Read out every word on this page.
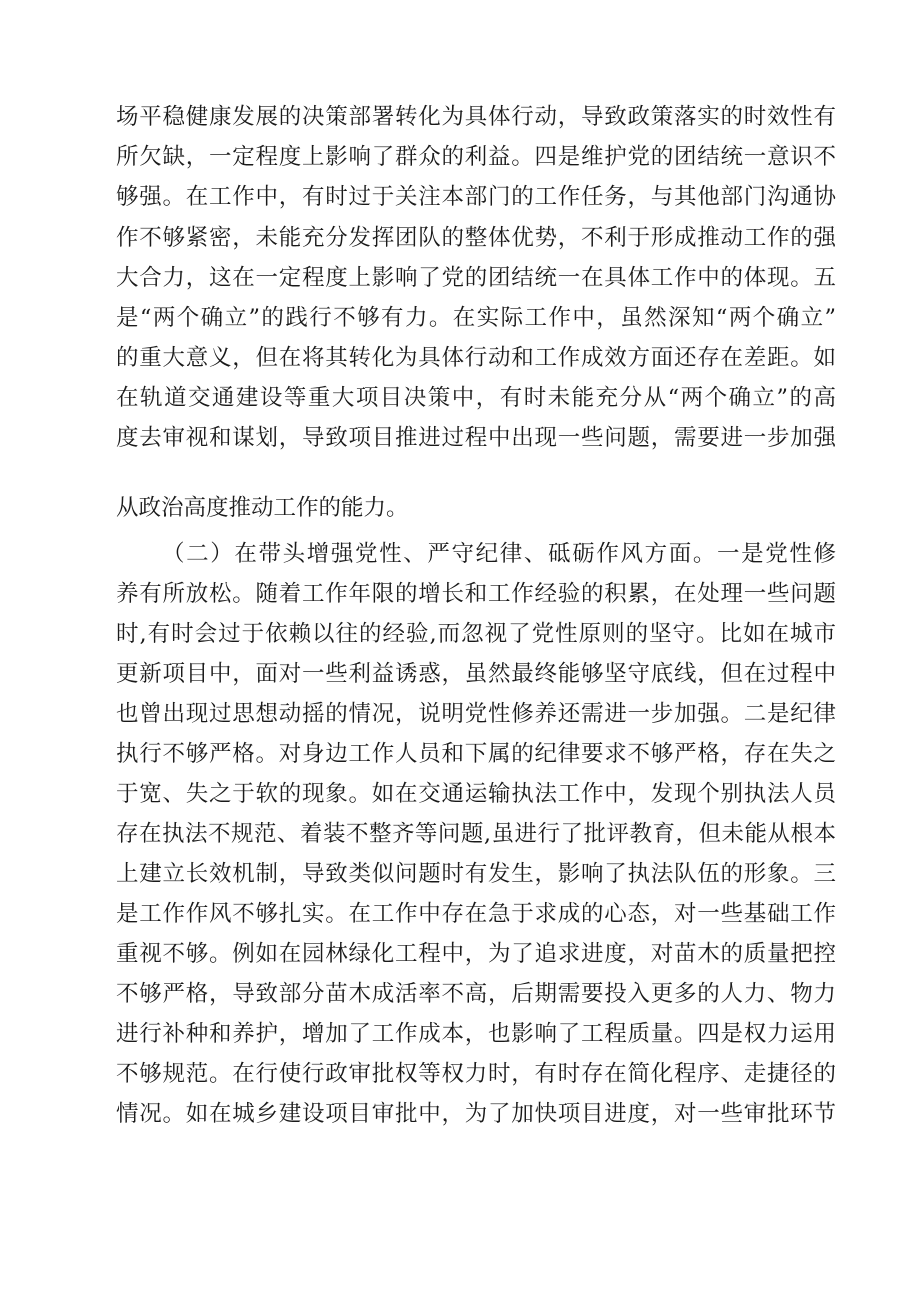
场平稳健康发展的决策部署转化为具体行动，导致政策落实的时效性有
所欠缺，一定程度上影响了群众的利益。四是维护党的团结统一意识不
够强。在工作中，有时过于关注本部门的工作任务，与其他部门沟通协
作不够紧密，未能充分发挥团队的整体优势，不利于形成推动工作的强
大合力，这在一定程度上影响了党的团结统一在具体工作中的体现。五
是“两个确立”的践行不够有力。在实际工作中，虽然深知“两个确立”
的重大意义，但在将其转化为具体行动和工作成效方面还存在差距。如
在轨道交通建设等重大项目决策中，有时未能充分从“两个确立”的高
度去审视和谋划，导致项目推进过程中出现一些问题，需要进一步加强
从政治高度推动工作的能力。
（二）在带头增强党性、严守纪律、砥砺作风方面。一是党性修
养有所放松。随着工作年限的增长和工作经验的积累，在处理一些问题
时,有时会过于依赖以往的经验,而忽视了党性原则的坚守。比如在城市
更新项目中，面对一些利益诱惑，虽然最终能够坚守底线，但在过程中
也曾出现过思想动摇的情况，说明党性修养还需进一步加强。二是纪律
执行不够严格。对身边工作人员和下属的纪律要求不够严格，存在失之
于宽、失之于软的现象。如在交通运输执法工作中，发现个别执法人员
存在执法不规范、着装不整齐等问题,虽进行了批评教育，但未能从根本
上建立长效机制，导致类似问题时有发生，影响了执法队伍的形象。三
是工作作风不够扎实。在工作中存在急于求成的心态，对一些基础工作
重视不够。例如在园林绿化工程中，为了追求进度，对苗木的质量把控
不够严格，导致部分苗木成活率不高，后期需要投入更多的人力、物力
进行补种和养护，增加了工作成本，也影响了工程质量。四是权力运用
不够规范。在行使行政审批权等权力时，有时存在简化程序、走捷径的
情况。如在城乡建设项目审批中，为了加快项目进度，对一些审批环节
